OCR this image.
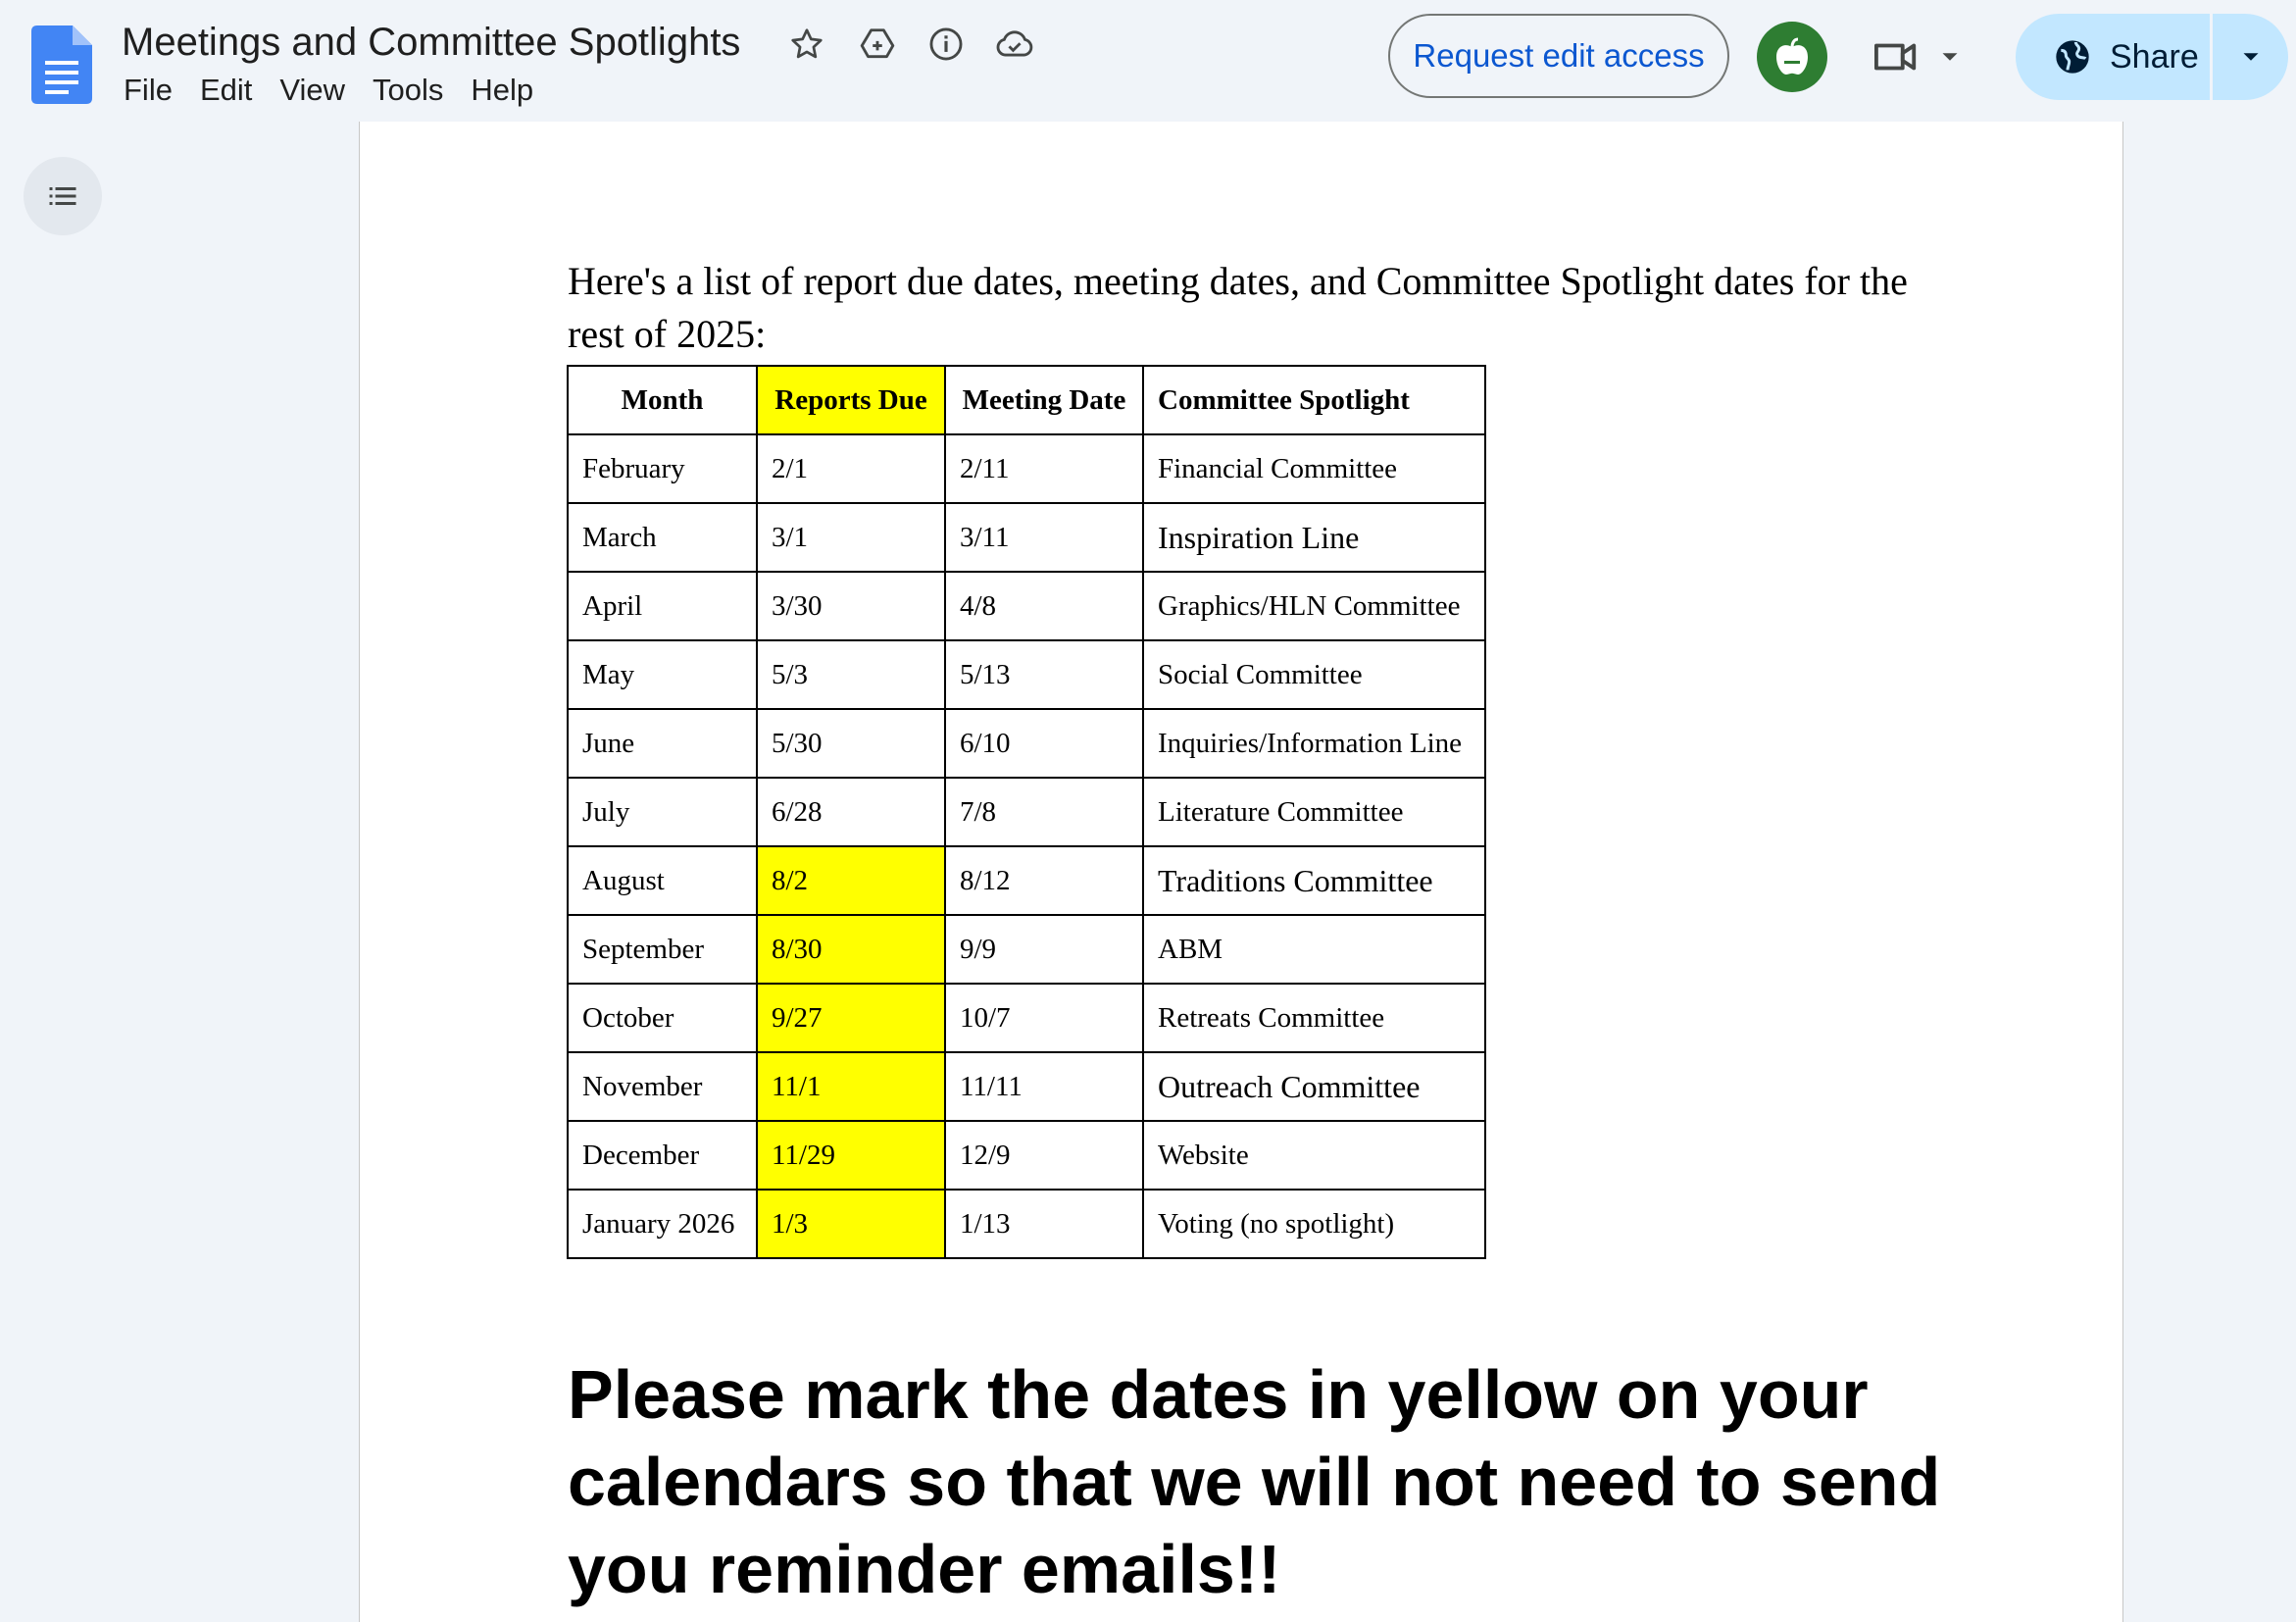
Meetings and Committee Spotlights
File Edit View Tools Help
Request edit access	Share
Here's a list of report due dates, meeting dates, and Committee Spotlight dates for the rest of 2025:
Month	Reports Due	Meeting Date	Committee Spotlight
February	2/1	2/11	Financial Committee
March	3/1	3/11	Inspiration Line
April	3/30	4/8	Graphics/HLN Committee
May	5/3	5/13	Social Committee
June	5/30	6/10	Inquiries/Information Line
July	6/28	7/8	Literature Committee
August	8/2	8/12	Traditions Committee
September	8/30	9/9	ABM
October	9/27	10/7	Retreats Committee
November	11/1	11/11	Outreach Committee
December	11/29	12/9	Website
January 2026	1/3	1/13	Voting (no spotlight)
Please mark the dates in yellow on your calendars so that we will not need to send you reminder emails!!
